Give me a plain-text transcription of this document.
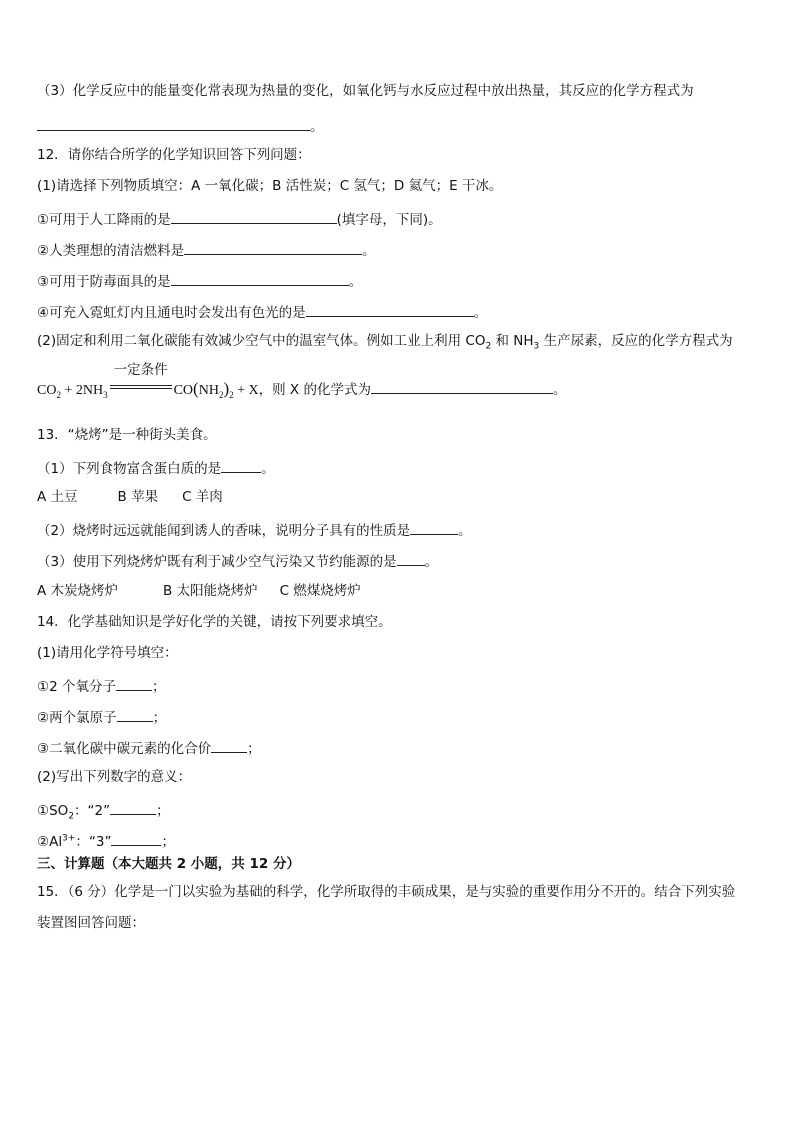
（3）化学反应中的能量变化常表现为热量的变化，如氧化钙与水反应过程中放出热量，其反应的化学方程式为
。
12．请你结合所学的化学知识回答下列问题：
(1)请选择下列物质填空：A 一氧化碳；B 活性炭；C 氢气；D 氦气；E 干冰。
①可用于人工降雨的是	(填字母，下同)。
②人类理想的清洁燃料是	。
③可用于防毒面具的是	。
④可充入霓虹灯内且通电时会发出有色光的是	。
(2)固定和利用二氧化碳能有效减少空气中的温室气体。例如工业上利用 $CO_2$ 和 $NH_3$ 生产尿素，反应的化学方程式为
$CO_2 + 2NH_3$
一定条件
$CO(NH_2)_2 + X$，则 X 的化学式为	。
13．“烧烤”是一种街头美食。
（1）下列食物富含蛋白质的是	。
A 土豆	B 苹果 C 羊肉
（2）烧烤时远远就能闻到诱人的香味，说明分子具有的性质是	。
（3）使用下列烧烤炉既有利于减少空气污染又节约能源的是 。
A 木炭烧烤炉	B 太阳能烧烤炉 C 燃煤烧烤炉
14．化学基础知识是学好化学的关键，请按下列要求填空。
(1)请用化学符号填空：
①2 个氧分子	；
②两个氯原子	；
③二氧化碳中碳元素的化合价	；
(2)写出下列数字的意义：
$①SO_2$：“2”	；
$②Al^{3+}$：“3”	；
三、计算题（本大题共 2 小题，共 12 分）
15．（6 分）化学是一门以实验为基础的科学，化学所取得的丰硕成果，是与实验的重要作用分不开的。结合下列实验
装置图回答问题：
